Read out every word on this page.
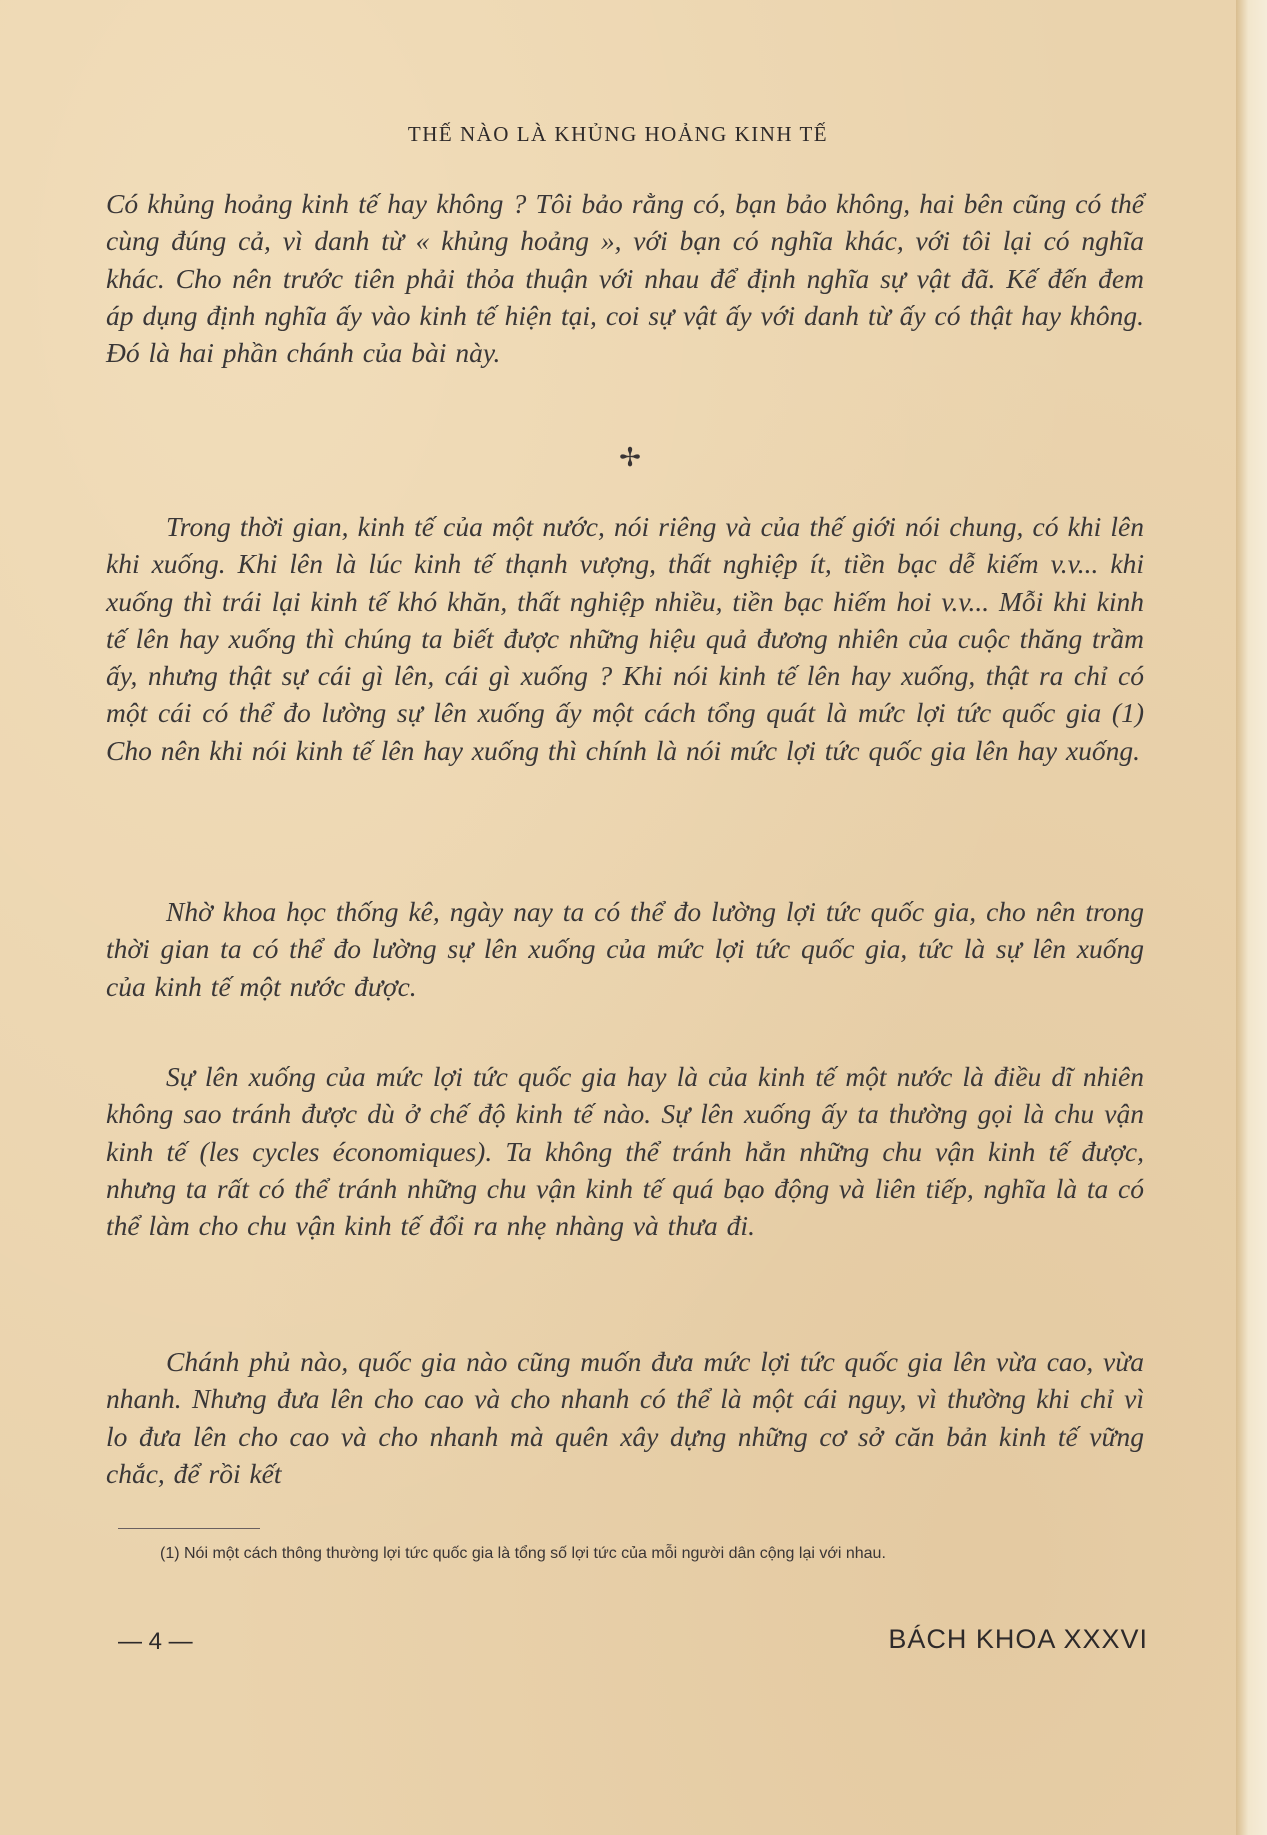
THẾ NÀO LÀ KHỦNG HOẢNG KINH TẾ

Có khủng hoảng kinh tế hay không ? Tôi bảo rằng có, bạn bảo không, hai bên cũng có thể cùng đúng cả, vì danh từ « khủng hoảng », với bạn có nghĩa khác, với tôi lại có nghĩa khác. Cho nên trước tiên phải thỏa thuận với nhau để định nghĩa sự vật đã. Kế đến đem áp dụng định nghĩa ấy vào kinh tế hiện tại, coi sự vật ấy với danh từ ấy có thật hay không. Đó là hai phần chánh của bài này.

✢

Trong thời gian, kinh tế của một nước, nói riêng và của thế giới nói chung, có khi lên khi xuống. Khi lên là lúc kinh tế thạnh vượng, thất nghiệp ít, tiền bạc dễ kiếm v.v... khi xuống thì trái lại kinh tế khó khăn, thất nghiệp nhiều, tiền bạc hiếm hoi v.v... Mỗi khi kinh tế lên hay xuống thì chúng ta biết được những hiệu quả đương nhiên của cuộc thăng trầm ấy, nhưng thật sự cái gì lên, cái gì xuống ? Khi nói kinh tế lên hay xuống, thật ra chỉ có một cái có thể đo lường sự lên xuống ấy một cách tổng quát là mức lợi tức quốc gia (1) Cho nên khi nói kinh tế lên hay xuống thì chính là nói mức lợi tức quốc gia lên hay xuống.

Nhờ khoa học thống kê, ngày nay ta có thể đo lường lợi tức quốc gia, cho nên trong thời gian ta có thể đo lường sự lên xuống của mức lợi tức quốc gia, tức là sự lên xuống của kinh tế một nước được.

Sự lên xuống của mức lợi tức quốc gia hay là của kinh tế một nước là điều dĩ nhiên không sao tránh được dù ở chế độ kinh tế nào. Sự lên xuống ấy ta thường gọi là chu vận kinh tế (les cycles économiques). Ta không thể tránh hẳn những chu vận kinh tế được, nhưng ta rất có thể tránh những chu vận kinh tế quá bạo động và liên tiếp, nghĩa là ta có thể làm cho chu vận kinh tế đổi ra nhẹ nhàng và thưa đi.

Chánh phủ nào, quốc gia nào cũng muốn đưa mức lợi tức quốc gia lên vừa cao, vừa nhanh. Nhưng đưa lên cho cao và cho nhanh có thể là một cái nguy, vì thường khi chỉ vì lo đưa lên cho cao và cho nhanh mà quên xây dựng những cơ sở căn bản kinh tế vững chắc, để rồi kết

(1) Nói một cách thông thường lợi tức quốc gia là tổng số lợi tức của mỗi người dân cộng lại với nhau.

— 4 —	BÁCH KHOA XXXVI
